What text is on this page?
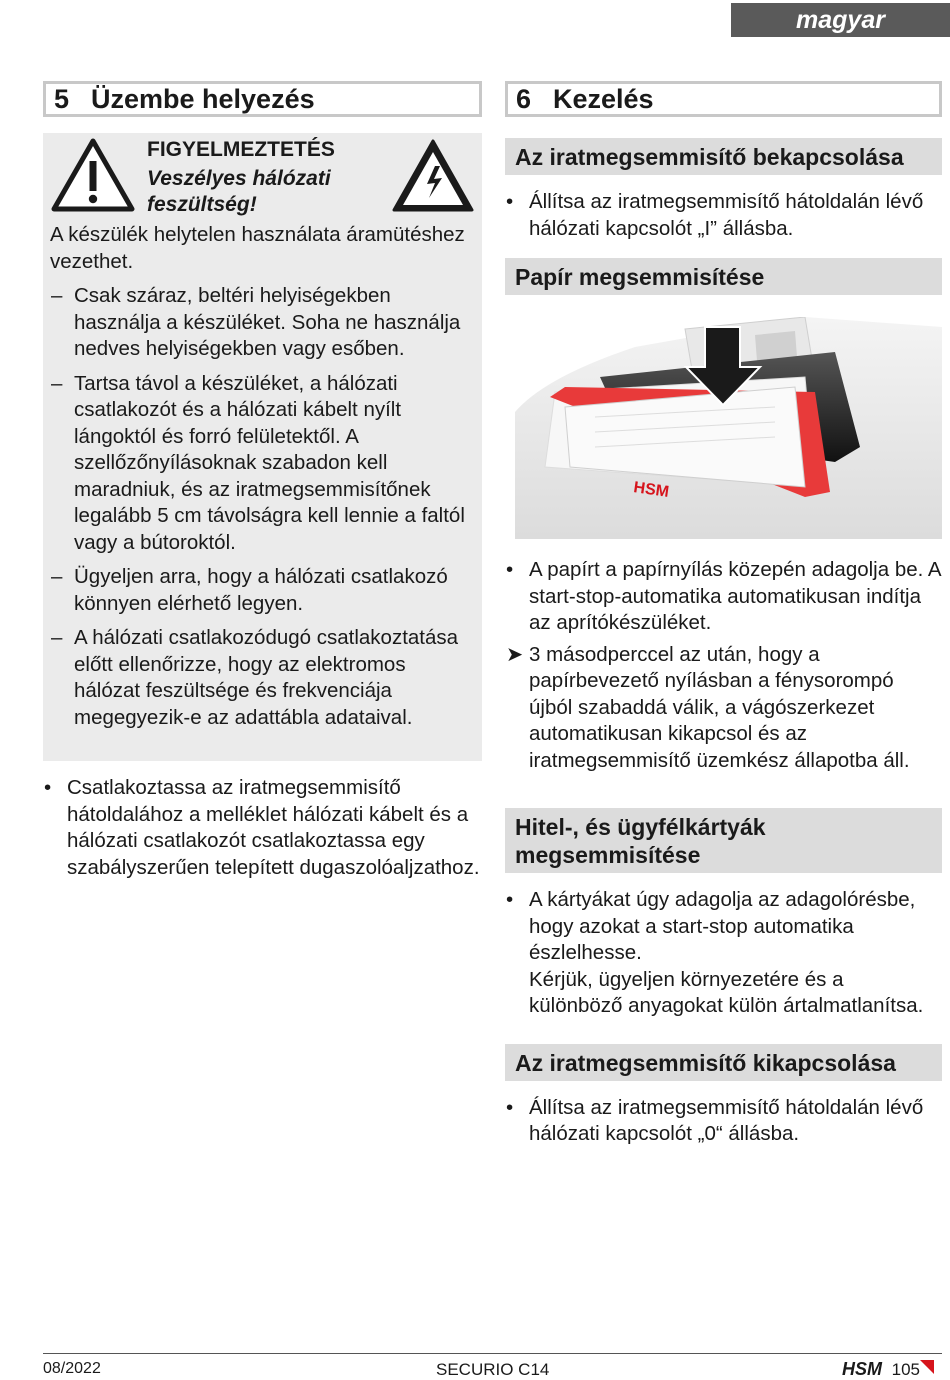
magyar
5 Üzembe helyezés
FIGYELMEZTETÉS
Veszélyes hálózati
feszültség!

A készülék helytelen használata áramütéshez vezethet.

– Csak száraz, beltéri helyiségekben használja a készüléket. Soha ne használja nedves helyiségekben vagy esőben.
– Tartsa távol a készüléket, a hálózati csatlakozót és a hálózati kábelt nyílt lángoktól és forró felületektől. A szellőzőnyílásoknak szabadon kell maradniuk, és az iratmegsemmisítőnek legalább 5 cm távolságra kell lennie a faltól vagy a bútoroktól.
– Ügyeljen arra, hogy a hálózati csatlakozó könnyen elérhető legyen.
– A hálózati csatlakozódugó csatlakoztatása előtt ellenőrizze, hogy az elektromos hálózat feszültsége és frekvenciája megegyezik-e az adattábla adataival.
• Csatlakoztassa az iratmegsemmisítő hátoldalához a melléklet hálózati kábelt és a hálózati csatlakozót csatlakoztassa egy szabályszerűen telepített dugaszolóaljzathoz.
6 Kezelés
Az iratmegsemmisítő bekapcsolása
• Állítsa az iratmegsemmisítő hátoldalán lévő hálózati kapcsolót „I” állásba.
Papír megsemmisítése
HSM
• A papírt a papírnyílás közepén adagolja be. A start-stop-automatika automatikusan indítja az aprítókészüléket.
➤ 3 másodperccel az után, hogy a papírbevezető nyílásban a fénysorompó újból szabaddá válik, a vágószerkezet automatikusan kikapcsol és az iratmegsemmisítő üzemkész állapotba áll.
Hitel-, és ügyfélkártyák megsemmisítése
• A kártyákat úgy adagolja az adagolórésbe, hogy azokat a start-stop automatika észlelhesse.
Kérjük, ügyeljen környezetére és a különböző anyagokat külön ártalmatlanítsa.
Az iratmegsemmisítő kikapcsolása
• Állítsa az iratmegsemmisítő hátoldalán lévő hálózati kapcsolót „0“ állásba.
08/2022	SECURIO C14	HSM 105
